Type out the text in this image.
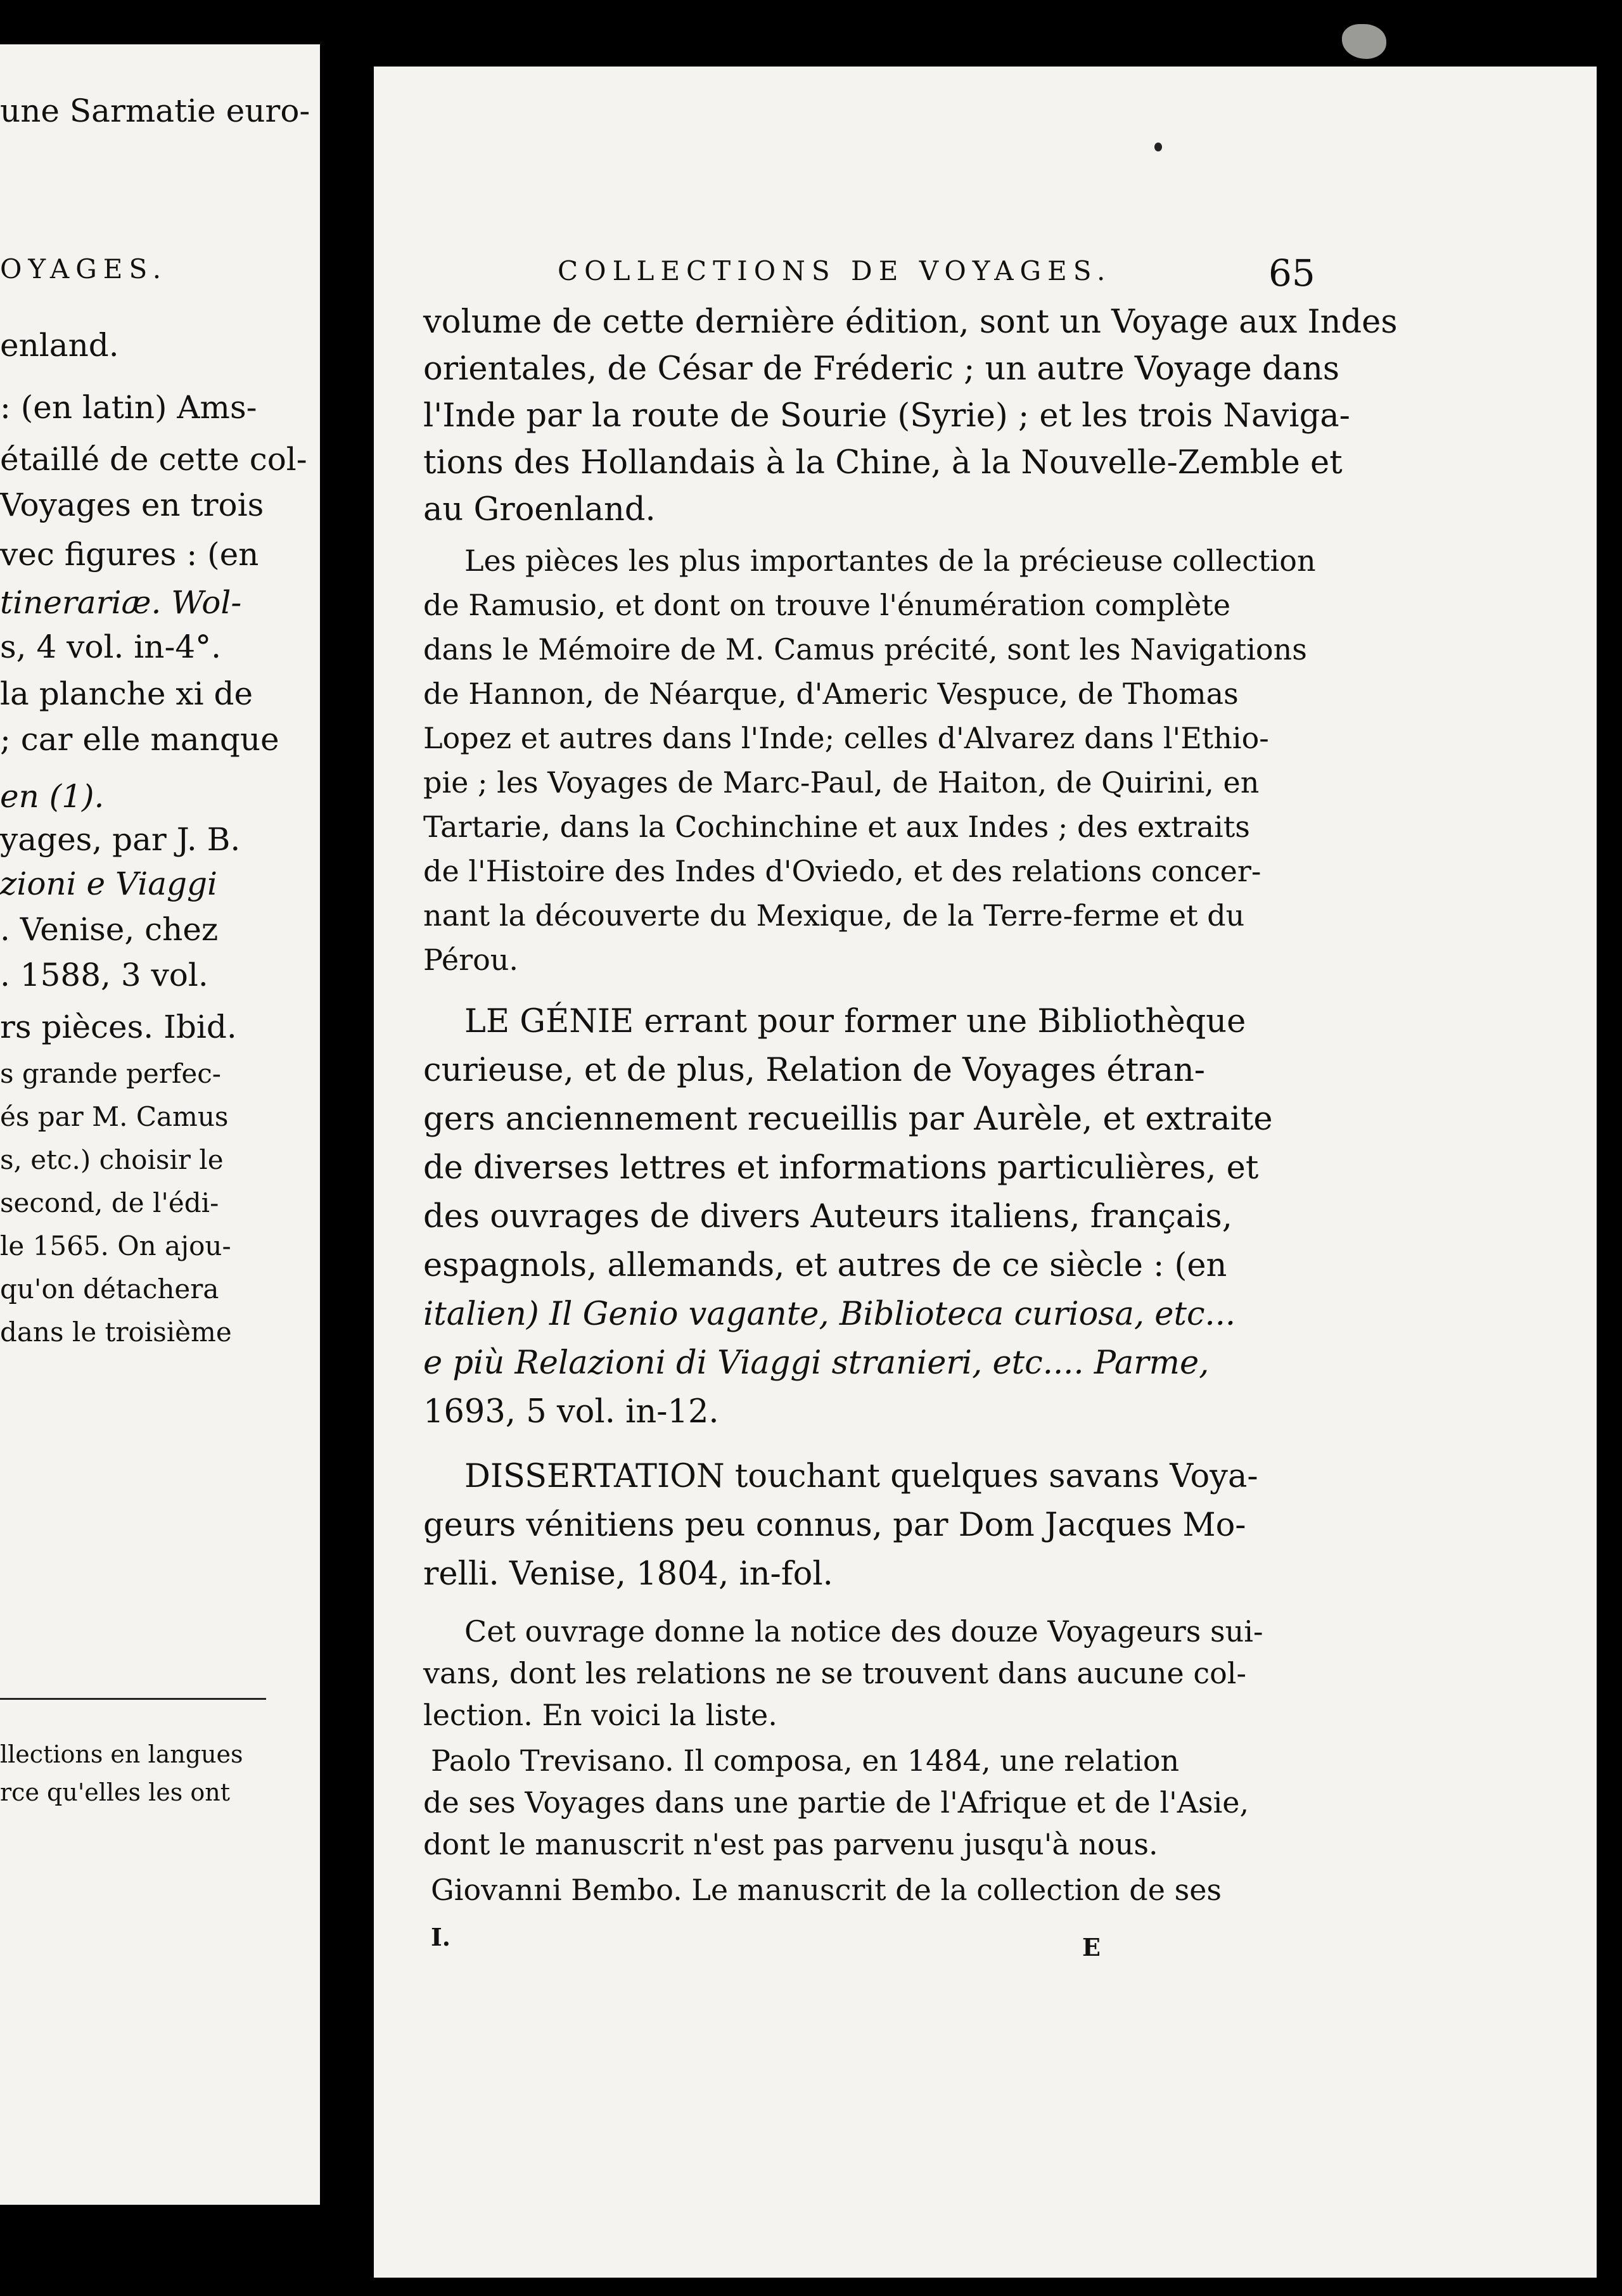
OYAGES.

une Sarmatie euro-

enland.

: (en latin) Ams-

étaillé de cette col-

Voyages en trois

vec figures : (en

tinerariæ. Wol-

s, 4 vol. in-4°.

la planche xi de

; car elle manque

en (1).

yages, par J. B.

zioni e Viaggi

. Venise, chez

. 1588, 3 vol.

rs pièces. Ibid.

s grande perfec-

és par M. Camus

s, etc.) choisir le

second, de l'édi-

le 1565. On ajou-

qu'on détachera

dans le troisième

llections en langues

rce qu'elles les ont

COLLECTIONS DE VOYAGES.	65

volume de cette dernière édition, sont un Voyage aux Indes

orientales, de César de Fréderic ; un autre Voyage dans

l'Inde par la route de Sourie (Syrie) ; et les trois Naviga-

tions des Hollandais à la Chine, à la Nouvelle-Zemble et

au Groenland.

Les pièces les plus importantes de la précieuse collection

de Ramusio, et dont on trouve l'énumération complète

dans le Mémoire de M. Camus précité, sont les Navigations

de Hannon, de Néarque, d'Americ Vespuce, de Thomas

Lopez et autres dans l'Inde; celles d'Alvarez dans l'Ethio-

pie ; les Voyages de Marc-Paul, de Haiton, de Quirini, en

Tartarie, dans la Cochinchine et aux Indes ; des extraits

de l'Histoire des Indes d'Oviedo, et des relations concer-

nant la découverte du Mexique, de la Terre-ferme et du

Pérou.

LE GÉNIE errant pour former une Bibliothèque

curieuse, et de plus, Relation de Voyages étran-

gers anciennement recueillis par Aurèle, et extraite

de diverses lettres et informations particulières, et

des ouvrages de divers Auteurs italiens, français,

espagnols, allemands, et autres de ce siècle : (en

italien) Il Genio vagante, Biblioteca curiosa, etc...

e più Relazioni di Viaggi stranieri, etc.... Parme,

1693, 5 vol. in-12.

DISSERTATION touchant quelques savans Voya-

geurs vénitiens peu connus, par Dom Jacques Mo-

relli. Venise, 1804, in-fol.

Cet ouvrage donne la notice des douze Voyageurs sui-

vans, dont les relations ne se trouvent dans aucune col-

lection. En voici la liste.

Paolo Trevisano. Il composa, en 1484, une relation

de ses Voyages dans une partie de l'Afrique et de l'Asie,

dont le manuscrit n'est pas parvenu jusqu'à nous.

Giovanni Bembo. Le manuscrit de la collection de ses

I.	E
